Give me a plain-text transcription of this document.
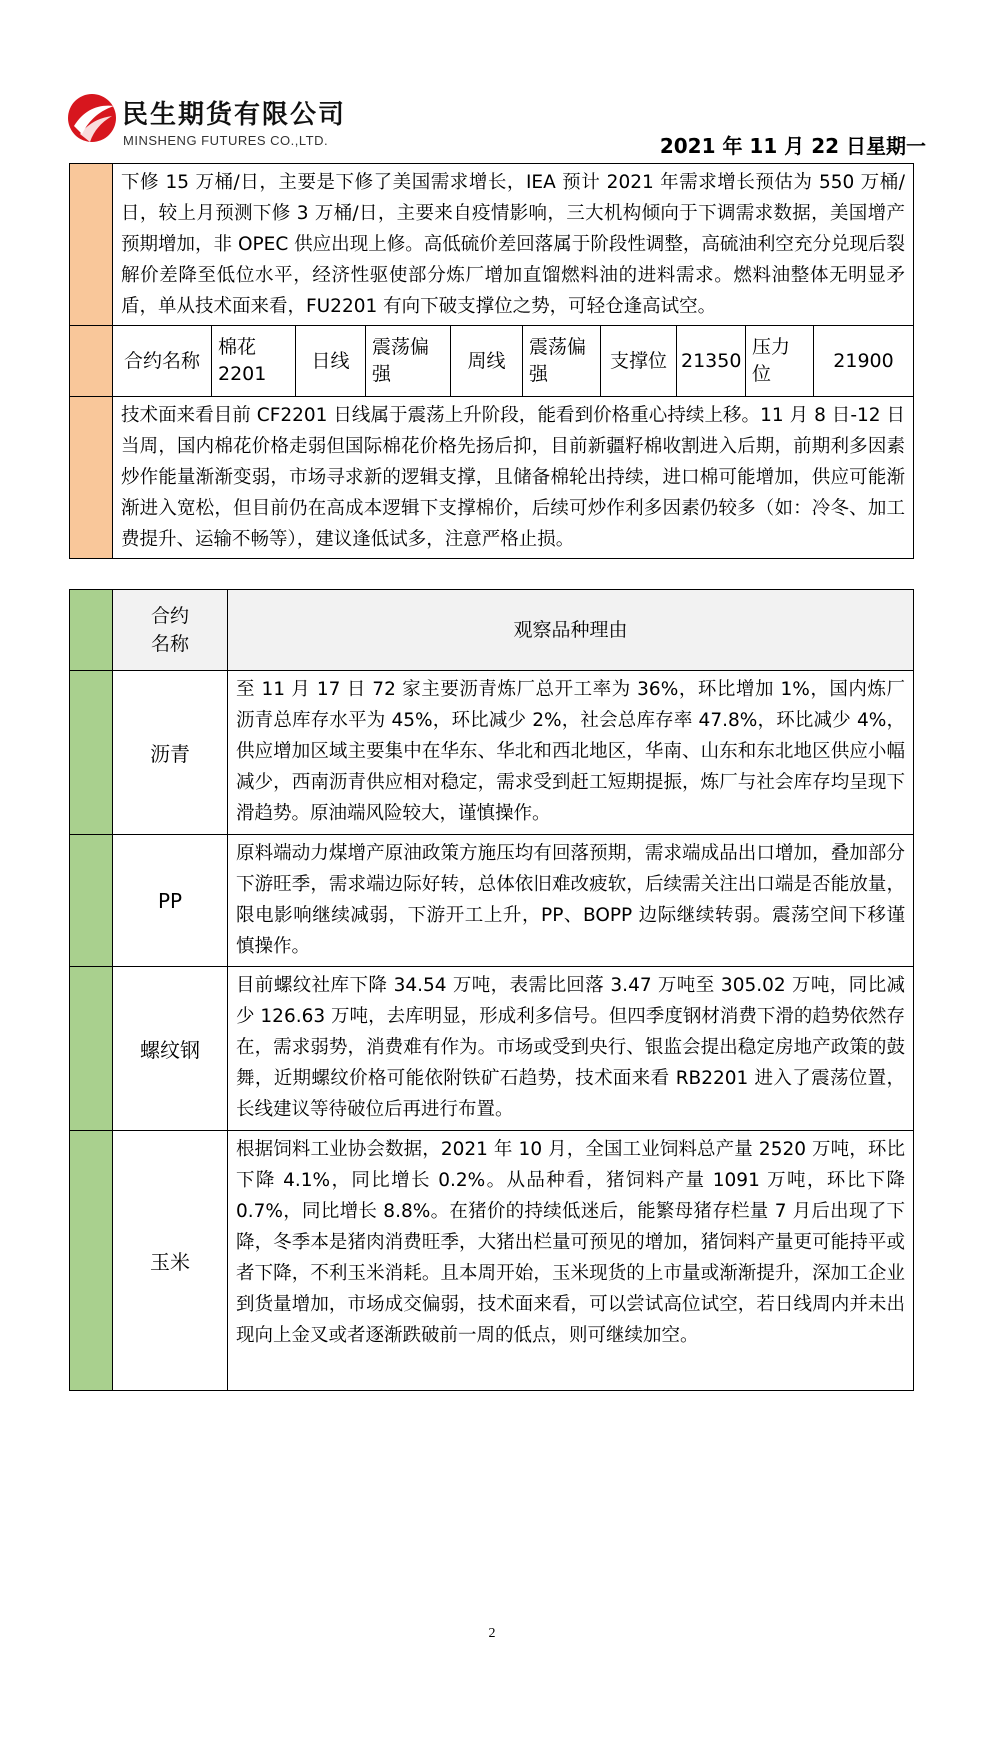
民生期货有限公司
MINSHENG FUTURES CO.,LTD.	2021 年 11 月 22 日星期一
	下修 15 万桶/日，主要是下修了美国需求增长，IEA 预计 2021 年需求增长预估为 550 万桶/日，较上月预测下修 3 万桶/日，主要来自疫情影响，三大机构倾向于下调需求数据，美国增产预期增加，非 OPEC 供应出现上修。高低硫价差回落属于阶段性调整，高硫油利空充分兑现后裂解价差降至低位水平，经济性驱使部分炼厂增加直馏燃料油的进料需求。燃料油整体无明显矛盾，单从技术面来看，FU2201 有向下破支撑位之势，可轻仓逢高试空。									
	合约名称	棉花 2201	日线	震荡偏强	周线	震荡偏强	支撑位	21350	压力位	21900
	技术面来看目前 CF2201 日线属于震荡上升阶段，能看到价格重心持续上移。11 月 8 日-12 日当周，国内棉花价格走弱但国际棉花价格先扬后抑，目前新疆籽棉收割进入后期，前期利多因素炒作能量渐渐变弱，市场寻求新的逻辑支撑，且储备棉轮出持续，进口棉可能增加，供应可能渐渐进入宽松，但目前仍在高成本逻辑下支撑棉价，后续可炒作利多因素仍较多（如：冷冬、加工费提升、运输不畅等），建议逢低试多，注意严格止损。									
	合约名称	观察品种理由
	沥青	至 11 月 17 日 72 家主要沥青炼厂总开工率为 36%，环比增加 1%，国内炼厂沥青总库存水平为 45%，环比减少 2%，社会总库存率 47.8%，环比减少 4%，供应增加区域主要集中在华东、华北和西北地区，华南、山东和东北地区供应小幅减少，西南沥青供应相对稳定，需求受到赶工短期提振，炼厂与社会库存均呈现下滑趋势。原油端风险较大，谨慎操作。
	PP	原料端动力煤增产原油政策方施压均有回落预期，需求端成品出口增加，叠加部分下游旺季，需求端边际好转，总体依旧难改疲软，后续需关注出口端是否能放量，限电影响继续减弱，下游开工上升，PP、BOPP 边际继续转弱。震荡空间下移谨慎操作。
	螺纹钢	目前螺纹社库下降 34.54 万吨，表需比回落 3.47 万吨至 305.02 万吨，同比减少 126.63 万吨，去库明显，形成利多信号。但四季度钢材消费下滑的趋势依然存在，需求弱势，消费难有作为。市场或受到央行、银监会提出稳定房地产政策的鼓舞，近期螺纹价格可能依附铁矿石趋势，技术面来看 RB2201 进入了震荡位置，长线建议等待破位后再进行布置。
	玉米	根据饲料工业协会数据，2021 年 10 月，全国工业饲料总产量 2520 万吨，环比下降 4.1%，同比增长 0.2%。从品种看，猪饲料产量 1091 万吨，环比下降 0.7%，同比增长 8.8%。在猪价的持续低迷后，能繁母猪存栏量 7 月后出现了下降，冬季本是猪肉消费旺季，大猪出栏量可预见的增加，猪饲料产量更可能持平或者下降，不利玉米消耗。且本周开始，玉米现货的上市量或渐渐提升，深加工企业到货量增加，市场成交偏弱，技术面来看，可以尝试高位试空，若日线周内并未出现向上金叉或者逐渐跌破前一周的低点，则可继续加空。
2
